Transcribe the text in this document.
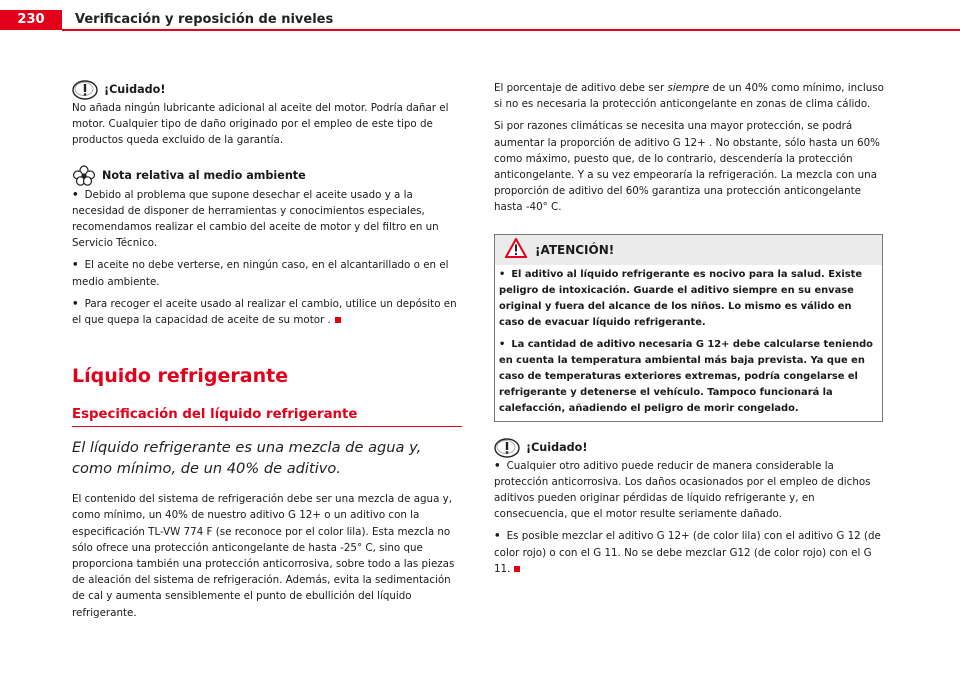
230	Verificación y reposición de niveles
¡Cuidado!

No añada ningún lubricante adicional al aceite del motor. Podría dañar el motor. Cualquier tipo de daño originado por el empleo de este tipo de productos queda excluido de la garantía.

Nota relativa al medio ambiente

• Debido al problema que supone desechar el aceite usado y a la necesidad de disponer de herramientas y conocimientos especiales, recomendamos realizar el cambio del aceite de motor y del filtro en un Servicio Técnico.

• El aceite no debe verterse, en ningún caso, en el alcantarillado o en el medio ambiente.

• Para recoger el aceite usado al realizar el cambio, utilice un depósito en el que quepa la capacidad de aceite de su motor .

Líquido refrigerante
Especificación del líquido refrigerante

El líquido refrigerante es una mezcla de agua y, como mínimo, de un 40% de aditivo.

El contenido del sistema de refrigeración debe ser una mezcla de agua y, como mínimo, un 40% de nuestro aditivo G 12+ o un aditivo con la especificación TL-VW 774 F (se reconoce por el color lila). Esta mezcla no sólo ofrece una protección anticongelante de hasta -25° C, sino que proporciona también una protección anticorrosiva, sobre todo a las piezas de aleación del sistema de refrigeración. Además, evita la sedimentación de cal y aumenta sensiblemente el punto de ebullición del líquido refrigerante.

El porcentaje de aditivo debe ser siempre de un 40% como mínimo, incluso si no es necesaria la protección anticongelante en zonas de clima cálido.

Si por razones climáticas se necesita una mayor protección, se podrá aumentar la proporción de aditivo G 12+ . No obstante, sólo hasta un 60% como máximo, puesto que, de lo contrario, descendería la protección anticongelante. Y a su vez empeoraría la refrigeración. La mezcla con una proporción de aditivo del 60% garantiza una protección anticongelante hasta -40° C.

¡ATENCIÓN!

• El aditivo al líquido refrigerante es nocivo para la salud. Existe peligro de intoxicación. Guarde el aditivo siempre en su envase original y fuera del alcance de los niños. Lo mismo es válido en caso de evacuar líquido refrigerante.

• La cantidad de aditivo necesaria G 12+ debe calcularse teniendo en cuenta la temperatura ambiental más baja prevista. Ya que en caso de temperaturas exteriores extremas, podría congelarse el refrigerante y detenerse el vehículo. Tampoco funcionará la calefacción, añadiendo el peligro de morir congelado.

¡Cuidado!

• Cualquier otro aditivo puede reducir de manera considerable la protección anticorrosiva. Los daños ocasionados por el empleo de dichos aditivos pueden originar pérdidas de líquido refrigerante y, en consecuencia, que el motor resulte seriamente dañado.

• Es posible mezclar el aditivo G 12+ (de color lila) con el aditivo G 12 (de color rojo) o con el G 11. No se debe mezclar G12 (de color rojo) con el G 11.
